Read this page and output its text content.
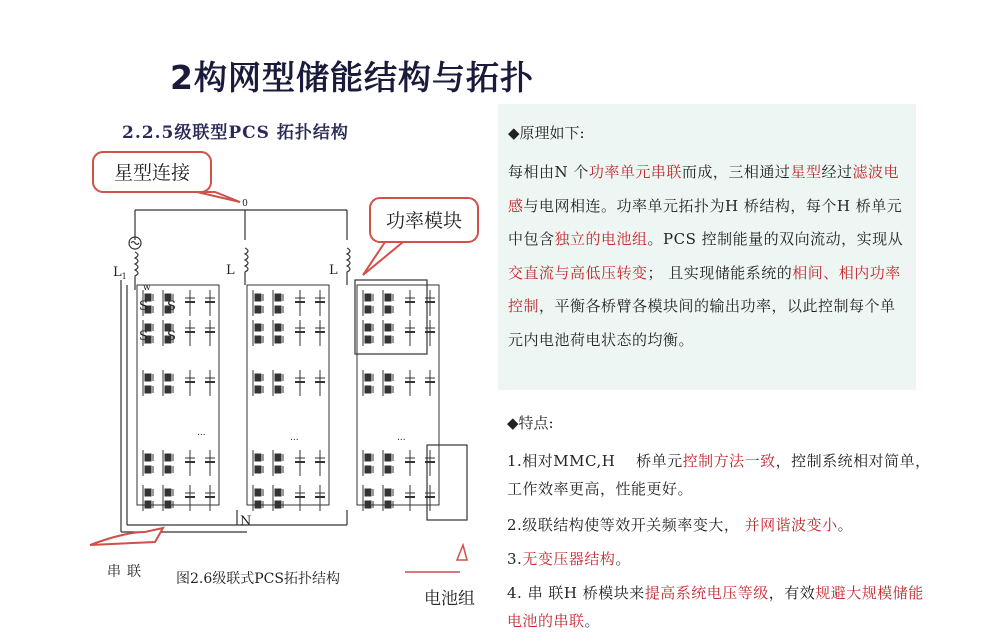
2构网型储能结构与拓扑
2.2.5级联型PCS 拓扑结构
星型连接
功率模块
0
$L_1$	L	L
w
N
S S
S S
...	...	...
串联 图2.6级联式PCS拓扑结构
电池组
◆原理如下:
每相由N 个功率单元串联而成，三相通过星型经过滤波电感与电网相连。功率单元拓扑为H 桥结构，每个H 桥单元中包含独立的电池组。PCS 控制能量的双向流动，实现从交直流与高低压转变； 且实现储能系统的相间、相内功率控制，平衡各桥臂各模块间的输出功率，以此控制每个单元内电池荷电状态的均衡。
◆特点:
1.相对MMC,H　 桥单元控制方法一致，控制系统相对简单，工作效率更高，性能更好。
2.级联结构使等效开关频率变大， 并网谐波变小。
3.无变压器结构。
4. 串 联H 桥模块来提高系统电压等级，有效规避大规模储能电池的串联。
